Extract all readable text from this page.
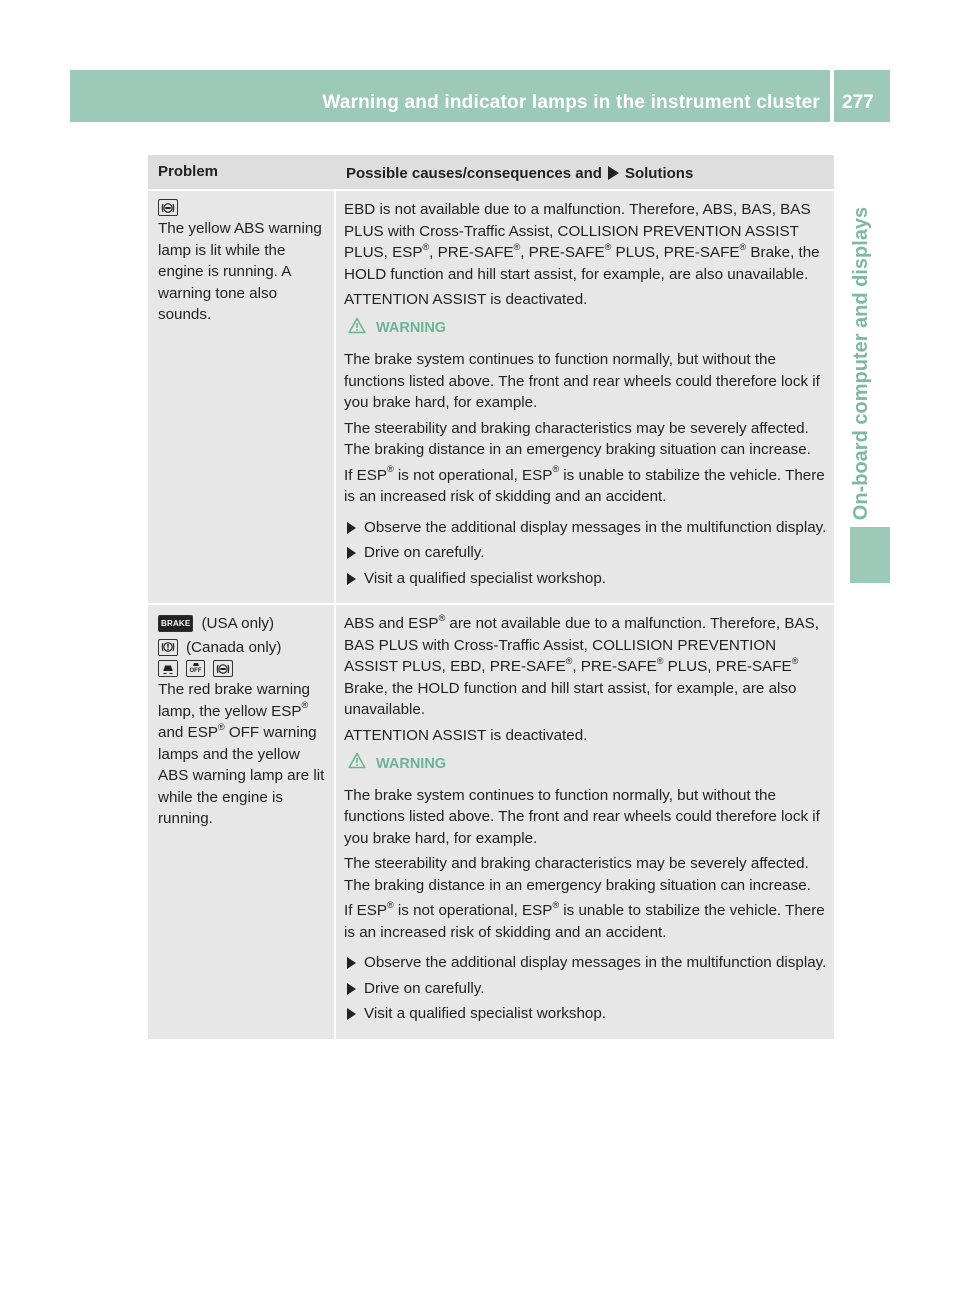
Warning and indicator lamps in the instrument cluster 277
On-board computer and displays
Problem	Possible causes/consequences and Solutions
The yellow ABS warning lamp is lit while the engine is running. A warning tone also sounds.
EBD is not available due to a malfunction. Therefore, ABS, BAS, BAS PLUS with Cross-Traffic Assist, COLLISION PREVENTION ASSIST PLUS, ESP®, PRE-SAFE®, PRE-SAFE® PLUS, PRE-SAFE® Brake, the HOLD function and hill start assist, for example, are also unavailable.
ATTENTION ASSIST is deactivated.
WARNING
The brake system continues to function normally, but without the functions listed above. The front and rear wheels could therefore lock if you brake hard, for example.
The steerability and braking characteristics may be severely affected. The braking distance in an emergency braking situation can increase.
If ESP® is not operational, ESP® is unable to stabilize the vehicle. There is an increased risk of skidding and an accident.
Observe the additional display messages in the multifunction display.
Drive on carefully.
Visit a qualified specialist workshop.
BRAKE (USA only)
(Canada only)
OFF
The red brake warning lamp, the yellow ESP® and ESP® OFF warning lamps and the yellow ABS warning lamp are lit while the engine is running.
ABS and ESP® are not available due to a malfunction. Therefore, BAS, BAS PLUS with Cross-Traffic Assist, COLLISION PREVENTION ASSIST PLUS, EBD, PRE-SAFE®, PRE-SAFE® PLUS, PRE-SAFE® Brake, the HOLD function and hill start assist, for example, are also unavailable.
ATTENTION ASSIST is deactivated.
WARNING
The brake system continues to function normally, but without the functions listed above. The front and rear wheels could therefore lock if you brake hard, for example.
The steerability and braking characteristics may be severely affected. The braking distance in an emergency braking situation can increase.
If ESP® is not operational, ESP® is unable to stabilize the vehicle. There is an increased risk of skidding and an accident.
Observe the additional display messages in the multifunction display.
Drive on carefully.
Visit a qualified specialist workshop.
